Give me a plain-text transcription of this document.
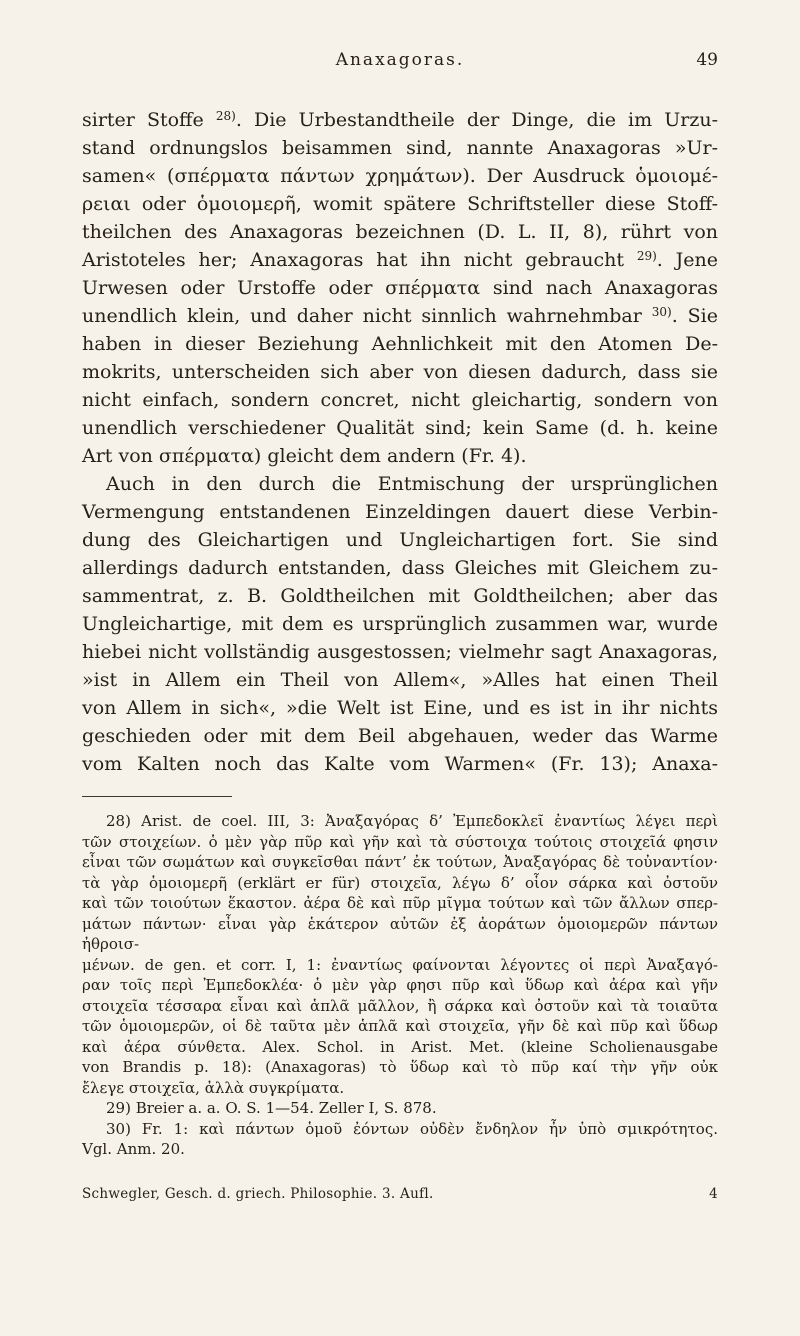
Anaxagoras.	49
sirter Stoffe $^{28)}$. Die Urbestandtheile der Dinge, die im Urzu-
stand ordnungslos beisammen sind, nannte Anaxagoras »Ur-
samen« (σπέρματα πάντων χρημάτων). Der Ausdruck ὁμοιομέ-
ρειαι oder ὁμοιομερῆ, womit spätere Schriftsteller diese Stoff-
theilchen des Anaxagoras bezeichnen (D. L. II, 8), rührt von
Aristoteles her; Anaxagoras hat ihn nicht gebraucht $^{29)}$. Jene
Urwesen oder Urstoffe oder σπέρματα sind nach Anaxagoras
unendlich klein, und daher nicht sinnlich wahrnehmbar $^{30)}$. Sie
haben in dieser Beziehung Aehnlichkeit mit den Atomen De-
mokrits, unterscheiden sich aber von diesen dadurch, dass sie
nicht einfach, sondern concret, nicht gleichartig, sondern von
unendlich verschiedener Qualität sind; kein Same (d. h. keine
Art von σπέρματα) gleicht dem andern (Fr. 4).
Auch in den durch die Entmischung der ursprünglichen
Vermengung entstandenen Einzeldingen dauert diese Verbin-
dung des Gleichartigen und Ungleichartigen fort. Sie sind
allerdings dadurch entstanden, dass Gleiches mit Gleichem zu-
sammentrat, z. B. Goldtheilchen mit Goldtheilchen; aber das
Ungleichartige, mit dem es ursprünglich zusammen war, wurde
hiebei nicht vollständig ausgestossen; vielmehr sagt Anaxagoras,
»ist in Allem ein Theil von Allem«, »Alles hat einen Theil
von Allem in sich«, »die Welt ist Eine, und es ist in ihr nichts
geschieden oder mit dem Beil abgehauen, weder das Warme
vom Kalten noch das Kalte vom Warmen« (Fr. 13); Anaxa-
28) Arist. de coel. III, 3: Ἀναξαγόρας δ’ Ἐμπεδοκλεῖ ἐναντίως λέγει περὶ
τῶν στοιχείων. ὁ μὲν γὰρ πῦρ καὶ γῆν καὶ τὰ σύστοιχα τούτοις στοιχεῖά φησιν
εἶναι τῶν σωμάτων καὶ συγκεῖσθαι πάντ’ ἐκ τούτων, Ἀναξαγόρας δὲ τοὐναντίον·
τὰ γὰρ ὁμοιομερῆ (erklärt er für) στοιχεῖα, λέγω δ’ οἷον σάρκα καὶ ὀστοῦν
καὶ τῶν τοιούτων ἕκαστον. ἀέρα δὲ καὶ πῦρ μῖγμα τούτων καὶ τῶν ἄλλων σπερ-
μάτων πάντων· εἶναι γὰρ ἑκάτερον αὐτῶν ἐξ ἀοράτων ὁμοιομερῶν πάντων ἠθροισ-
μένων. de gen. et corr. I, 1: ἐναντίως φαίνονται λέγοντες οἱ περὶ Ἀναξαγό-
ραν τοῖς περὶ Ἐμπεδοκλέα· ὁ μὲν γὰρ φησι πῦρ καὶ ὕδωρ καὶ ἀέρα καὶ γῆν
στοιχεῖα τέσσαρα εἶναι καὶ ἁπλᾶ μᾶλλον, ἢ σάρκα καὶ ὀστοῦν καὶ τὰ τοιαῦτα
τῶν ὁμοιομερῶν, οἱ δὲ ταῦτα μὲν ἁπλᾶ καὶ στοιχεῖα, γῆν δὲ καὶ πῦρ καὶ ὕδωρ
καὶ ἀέρα σύνθετα. Alex. Schol. in Arist. Met. (kleine Scholienausgabe
von Brandis p. 18): (Anaxagoras) τὸ ὕδωρ καὶ τὸ πῦρ καί τὴν γῆν οὐκ
ἔλεγε στοιχεῖα, ἀλλὰ συγκρίματα.
29) Breier a. a. O. S. 1—54. Zeller I, S. 878.
30) Fr. 1: καὶ πάντων ὁμοῦ ἐόντων οὐδὲν ἔνδηλον ἦν ὑπὸ σμικρότητος.
Vgl. Anm. 20.
Schwegler, Gesch. d. griech. Philosophie. 3. Aufl.	4
